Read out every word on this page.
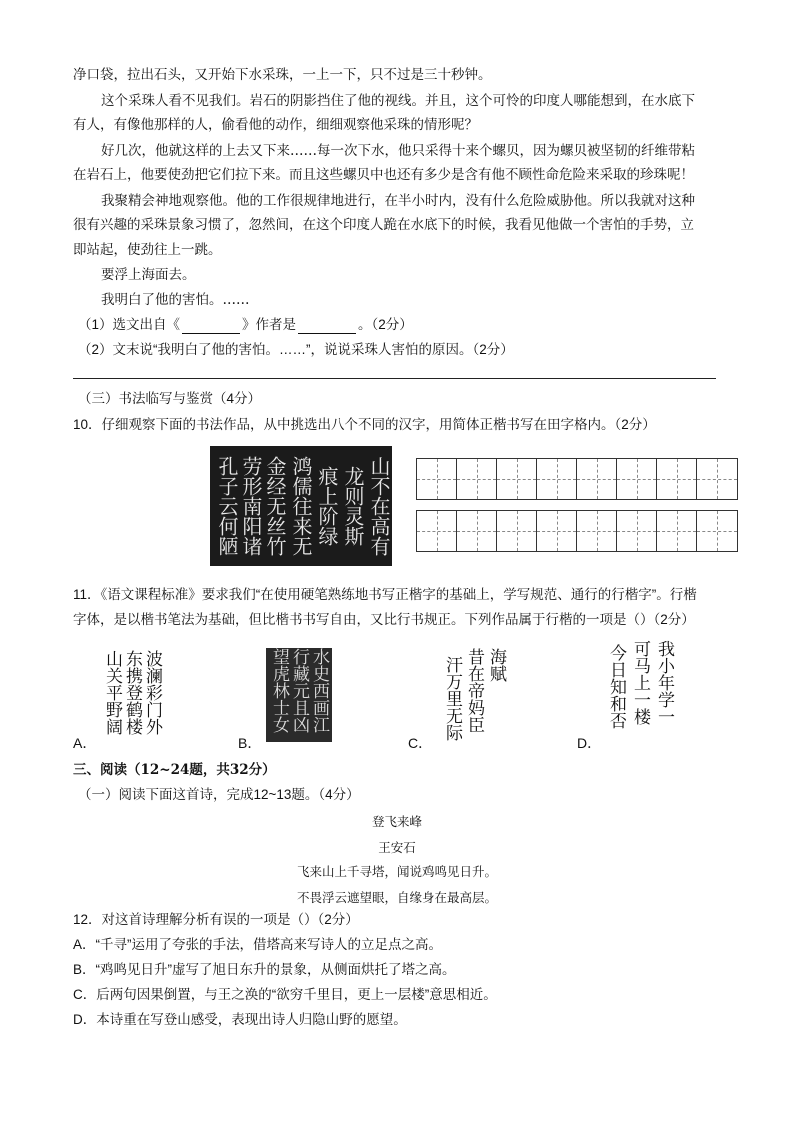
净口袋，拉出石头，又开始下水采珠，一上一下，只不过是三十秒钟。
这个采珠人看不见我们。岩石的阴影挡住了他的视线。并且，这个可怜的印度人哪能想到，在水底下
有人，有像他那样的人，偷看他的动作，细细观察他采珠的情形呢？
好几次，他就这样的上去又下来……每一次下水，他只采得十来个螺贝，因为螺贝被坚韧的纤维带粘
在岩石上，他要使劲把它们拉下来。而且这些螺贝中也还有多少是含有他不顾性命危险来采取的珍珠呢！
我聚精会神地观察他。他的工作很规律地进行，在半小时内，没有什么危险威胁他。所以我就对这种
很有兴趣的采珠景象习惯了，忽然间，在这个印度人跪在水底下的时候，我看见他做一个害怕的手势，立
即站起，使劲往上一跳。
要浮上海面去。
我明白了他的害怕。……
（1）选文出自《	》作者是	。（2分）
（2）文末说“我明白了他的害怕。……”，说说采珠人害怕的原因。（2分）
（三）书法临写与鉴赏（4分）
10．仔细观察下面的书法作品，从中挑选出八个不同的汉字，用简体正楷书写在田字格内。（2分）
山不在高有
龙则灵斯
痕上阶绿
鸿儒往来无
金经无丝竹
劳形南阳诸
孔子云何陋
11．《语文课程标准》要求我们“在使用硬笔熟练地书写正楷字的基础上，学写规范、通行的行楷字”。行楷
字体，是以楷书笔法为基础，但比楷书书写自由，又比行书规正。下列作品属于行楷的一项是（）（2分）
A．
山关平野阔 东携登鹤楼 波澜彩门外
B．
望虎林士女 行藏元且凶 水史西画江
C．
汗万里无际 昔在帝妈臣 海赋
D．
今日知和否 可马上一楼 我小年学一
三、阅读（12~24题，共32分）
（一）阅读下面这首诗，完成12~13题。（4分）
登飞来峰
王安石
飞来山上千寻塔，闻说鸡鸣见日升。
不畏浮云遮望眼，自缘身在最高层。
12．对这首诗理解分析有误的一项是（）（2分）
A．“千寻”运用了夸张的手法，借塔高来写诗人的立足点之高。
B．“鸡鸣见日升”虚写了旭日东升的景象，从侧面烘托了塔之高。
C．后两句因果倒置，与王之涣的“欲穷千里目，更上一层楼”意思相近。
D．本诗重在写登山感受，表现出诗人归隐山野的愿望。
